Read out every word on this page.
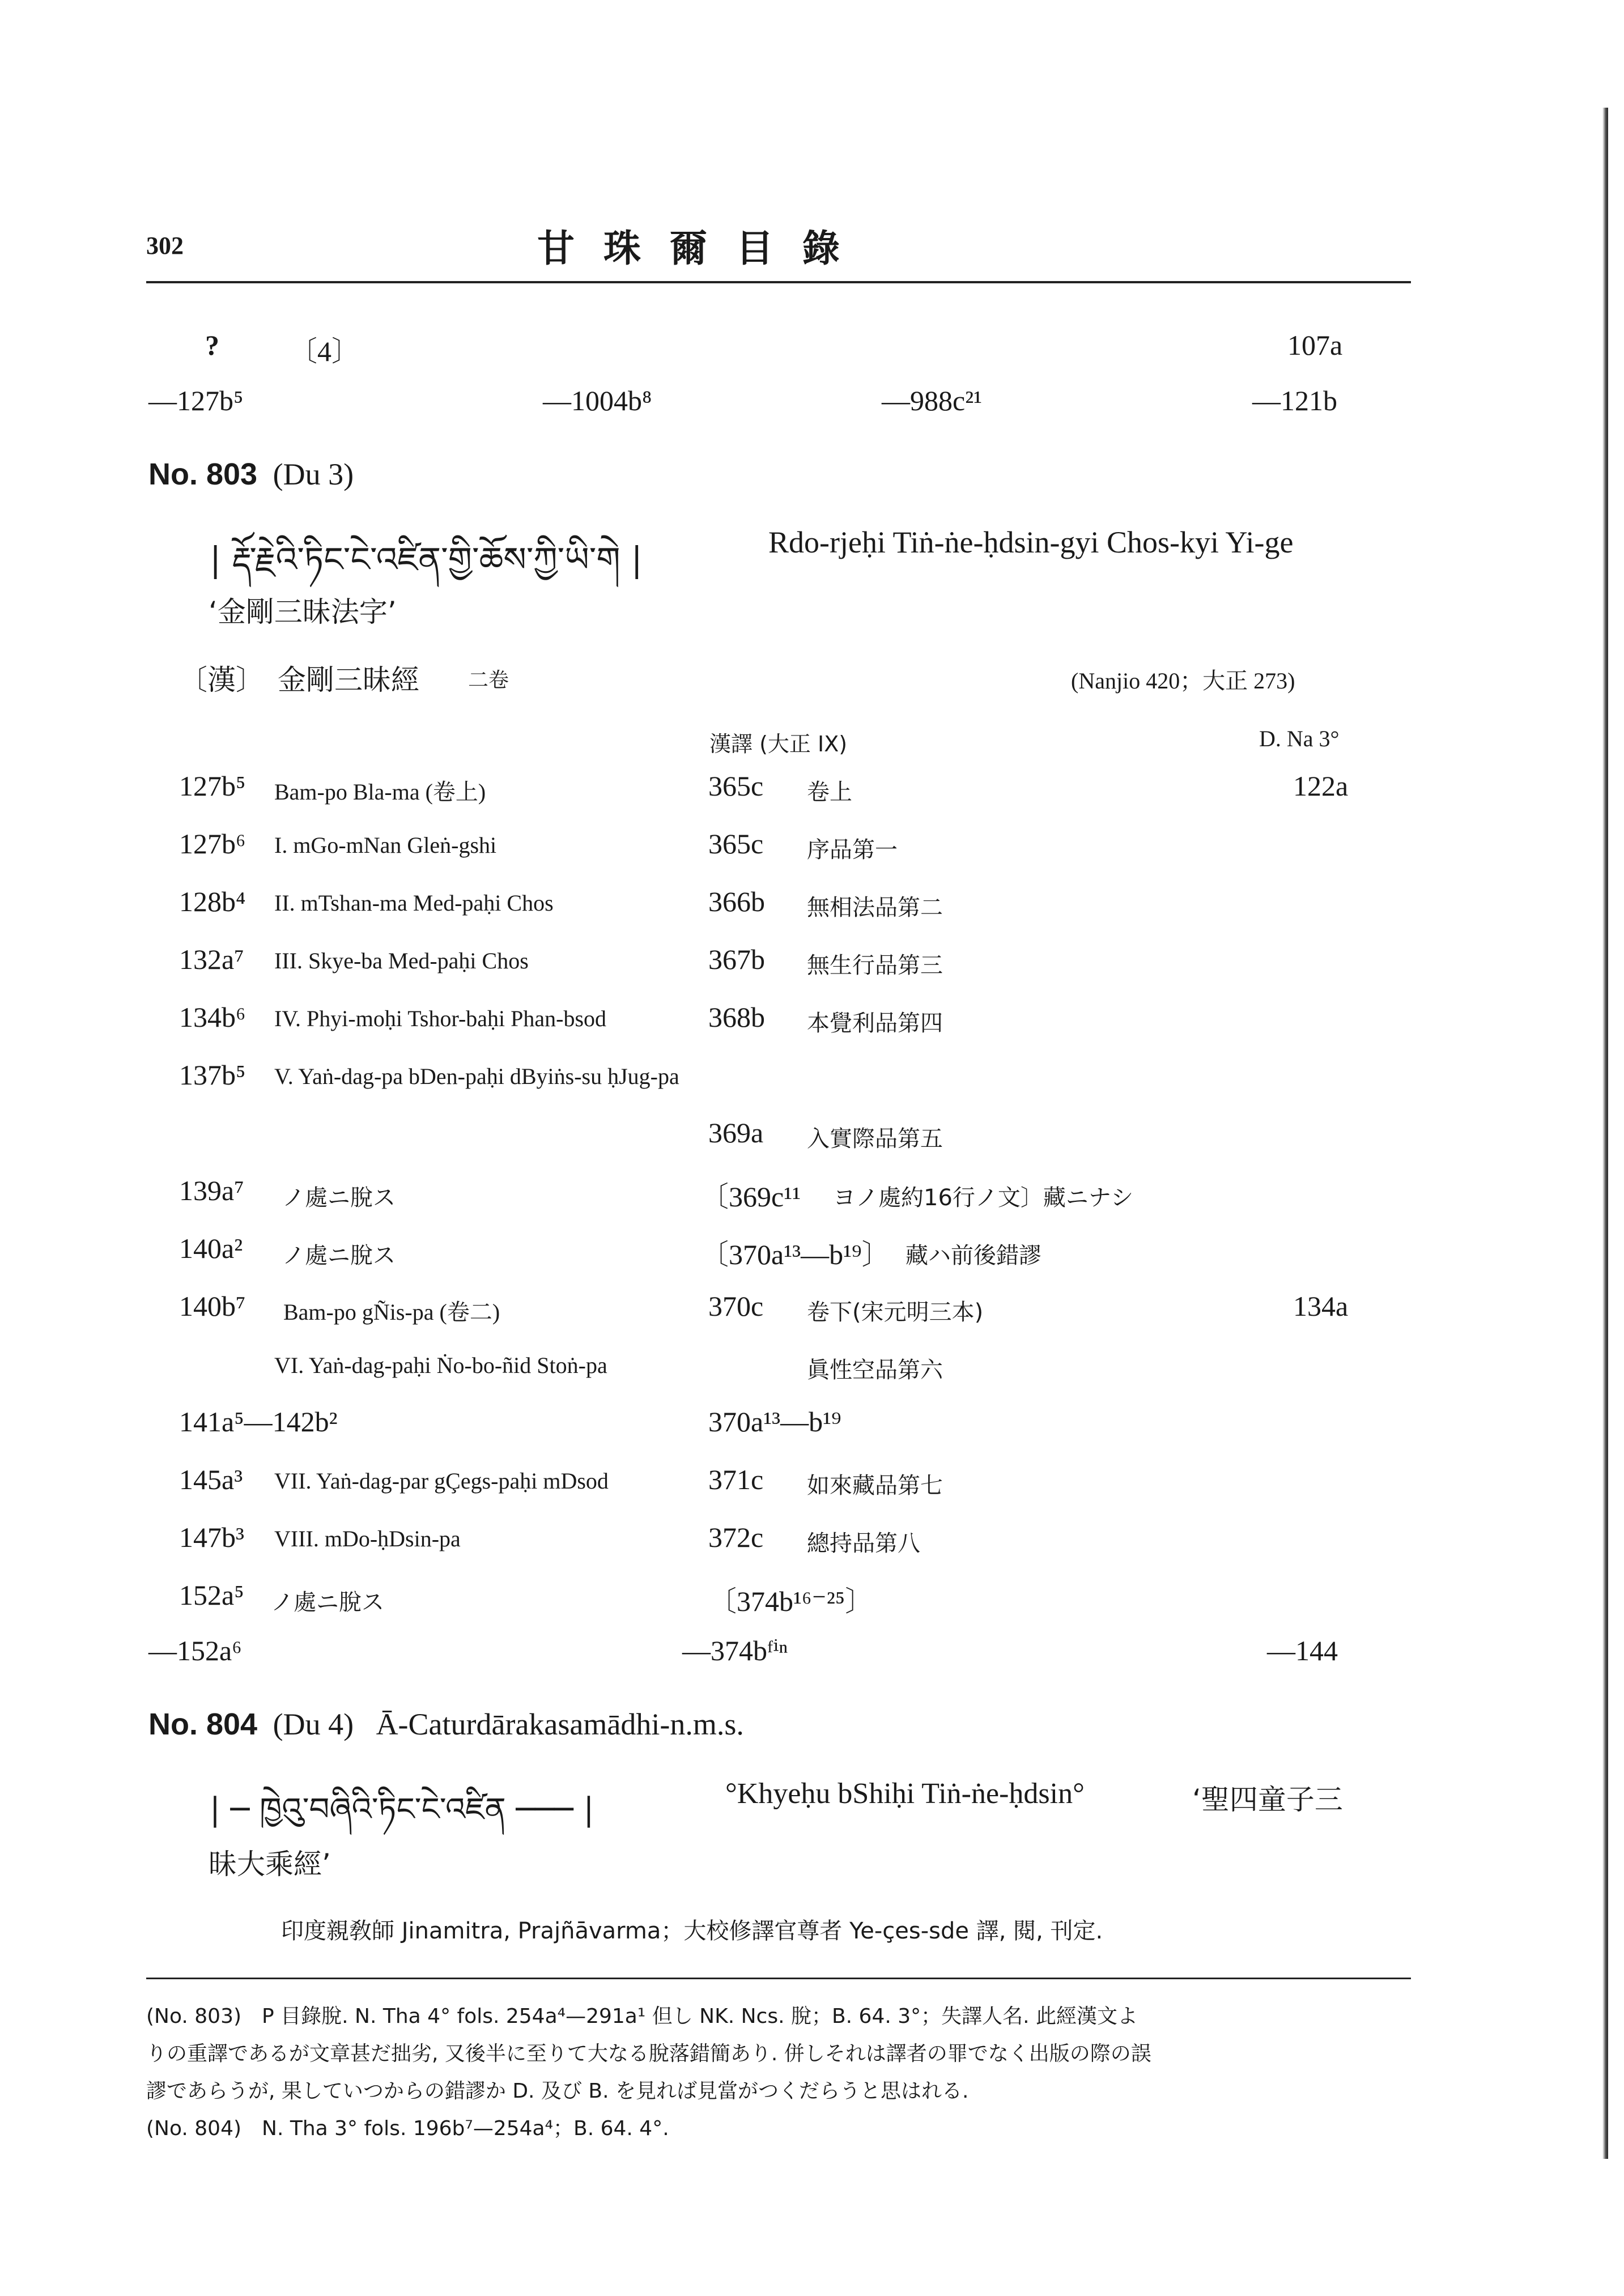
302	甘 珠 爾 目 錄
? 〔4〕	107a
—127b⁵	—1004b⁸	—988c²¹	—121b
No. 803 (Du 3)
| རྡོ་རྗེའི་ཏིང་ངེ་འཛིན་གྱི་ཆོས་ཀྱི་ཡི་གེ |	Rdo-rjeḥi Tiṅ-ṅe-ḥdsin-gyi Chos-kyi Yi-ge
‘金剛三昧法字’
〔漢〕 金剛三昧經 二卷	(Nanjio 420；大正 273)
漢譯 (大正 IX)	D. Na 3°
127b⁵ Bam-po Bla-ma (卷上)	365c 卷上	122a
127b⁶ I. mGo-mNan Gleṅ-gshi	365c 序品第一
128b⁴ II. mTshan-ma Med-paḥi Chos	366b 無相法品第二
132a⁷ III. Skye-ba Med-paḥi Chos	367b 無生行品第三
134b⁶ IV. Phyi-moḥi Tshor-baḥi Phan-bsod	368b 本覺利品第四
137b⁵ V. Yaṅ-dag-pa bDen-paḥi dByiṅs-su ḥJug-pa
369a 入實際品第五
139a⁷ ノ處ニ脫ス	〔369c¹¹ ヨノ處約16行ノ文〕藏ニナシ
140a² ノ處ニ脫ス	〔370a¹³—b¹⁹〕 藏ハ前後錯謬
140b⁷ Bam-po gÑis-pa (卷二)	370c 卷下(宋元明三本)	134a
VI. Yaṅ-dag-paḥi Ṅo-bo-ñid Stoṅ-pa	眞性空品第六
141a⁵—142b²	370a¹³—b¹⁹
145a³ VII. Yaṅ-dag-par gÇegs-paḥi mDsod	371c 如來藏品第七
147b³ VIII. mDo-ḥDsin-pa	372c 總持品第八
152a⁵ ノ處ニ脫ス	〔374b¹⁶⁻²⁵〕
—152a⁶	—374bᶠⁱⁿ	—144
No. 804 (Du 4) Ā-Caturdārakasamādhi-n.m.s.
| ─ ཁྱེའུ་བཞིའི་ཏིང་ངེ་འཛིན ─── |	°Khyeḥu bShiḥi Tiṅ-ṅe-ḥdsin°	‘聖四童子三
昧大乘經’
印度親敎師 Jinamitra, Prajñāvarma；大校修譯官尊者 Ye-çes-sde 譯, 閱, 刊定.
(No. 803)　P 目錄脫. N. Tha 4° fols. 254a⁴—291a¹ 但し NK. Ncs. 脫；B. 64. 3°；失譯人名. 此經漢文よ
りの重譯であるが文章甚だ拙劣, 又後半に至りて大なる脫落錯簡あり. 併しそれは譯者の罪でなく出版の際の誤
謬であらうが, 果していつからの錯謬か D. 及び B. を見れば見當がつくだらうと思はれる.
(No. 804)　N. Tha 3° fols. 196b⁷—254a⁴；B. 64. 4°.
